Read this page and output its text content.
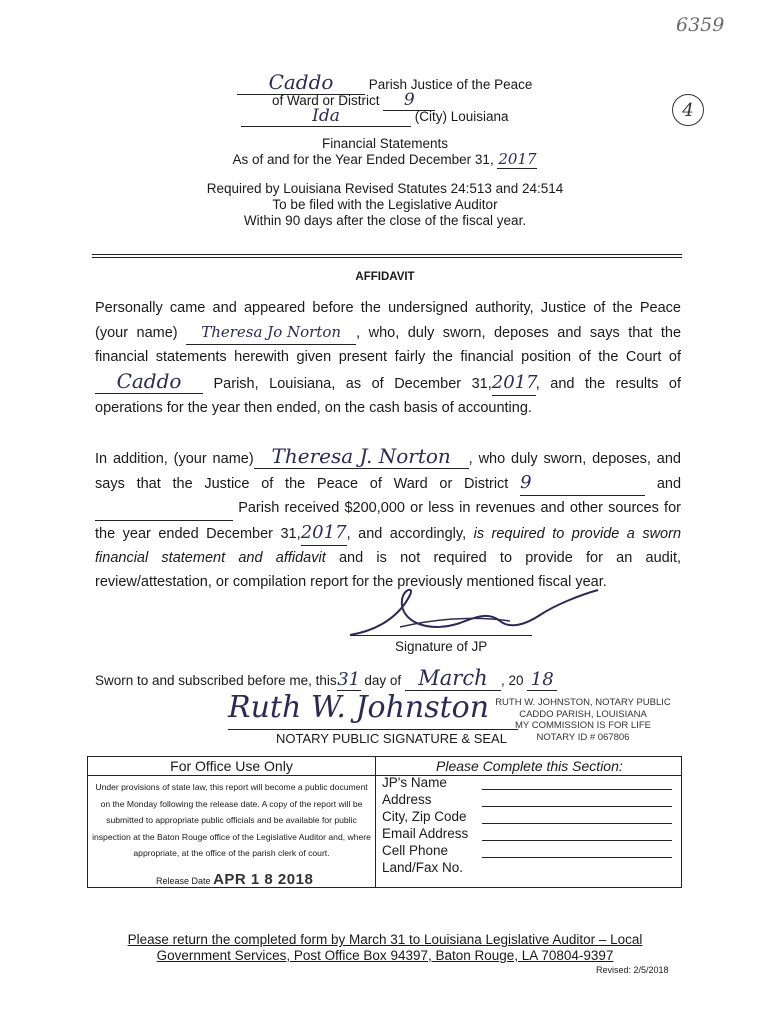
6359
4
Caddo	Parish Justice of the Peace
of Ward or District 9
Ida	(City) Louisiana
Financial Statements
As of and for the Year Ended December 31, 2017
Required by Louisiana Revised Statutes 24:513 and 24:514
To be filed with the Legislative Auditor
Within 90 days after the close of the fiscal year.
AFFIDAVIT
Personally came and appeared before the undersigned authority, Justice of the Peace (your name) Theresa Jo Norton , who, duly sworn, deposes and says that the financial statements herewith given present fairly the financial position of the Court of Caddo Parish, Louisiana, as of December 31,2017, and the results of operations for the year then ended, on the cash basis of accounting.
In addition, (your name) Theresa J. Norton , who duly sworn, deposes, and says that the Justice of the Peace of Ward or District 9	and   Parish received $200,000 or less in revenues and other sources for the year ended December 31,2017, and accordingly, is required to provide a sworn financial statement and affidavit and is not required to provide for an audit, review/attestation, or compilation report for the previously mentioned fiscal year.
Signature of JP
Sworn to and subscribed before me, this31 day of March , 20 18
Ruth W. Johnston
NOTARY PUBLIC SIGNATURE & SEAL
RUTH W. JOHNSTON, NOTARY PUBLIC
CADDO PARISH, LOUISIANA
MY COMMISSION IS FOR LIFE
NOTARY ID # 067806
For Office Use Only
Under provisions of state law, this report will become a public document on the Monday following the release date. A copy of the report will be submitted to appropriate public officials and be available for public inspection at the Baton Rouge office of the Legislative Auditor and, where appropriate, at the office of the parish clerk of court.
Release Date APR 1 8 2018
Please Complete this Section:
JP's Name
Address
City, Zip Code
Email Address
Cell Phone
Land/Fax No.
Please return the completed form by March 31 to Louisiana Legislative Auditor – Local
Government Services, Post Office Box 94397, Baton Rouge, LA 70804-9397
Revised: 2/5/2018
